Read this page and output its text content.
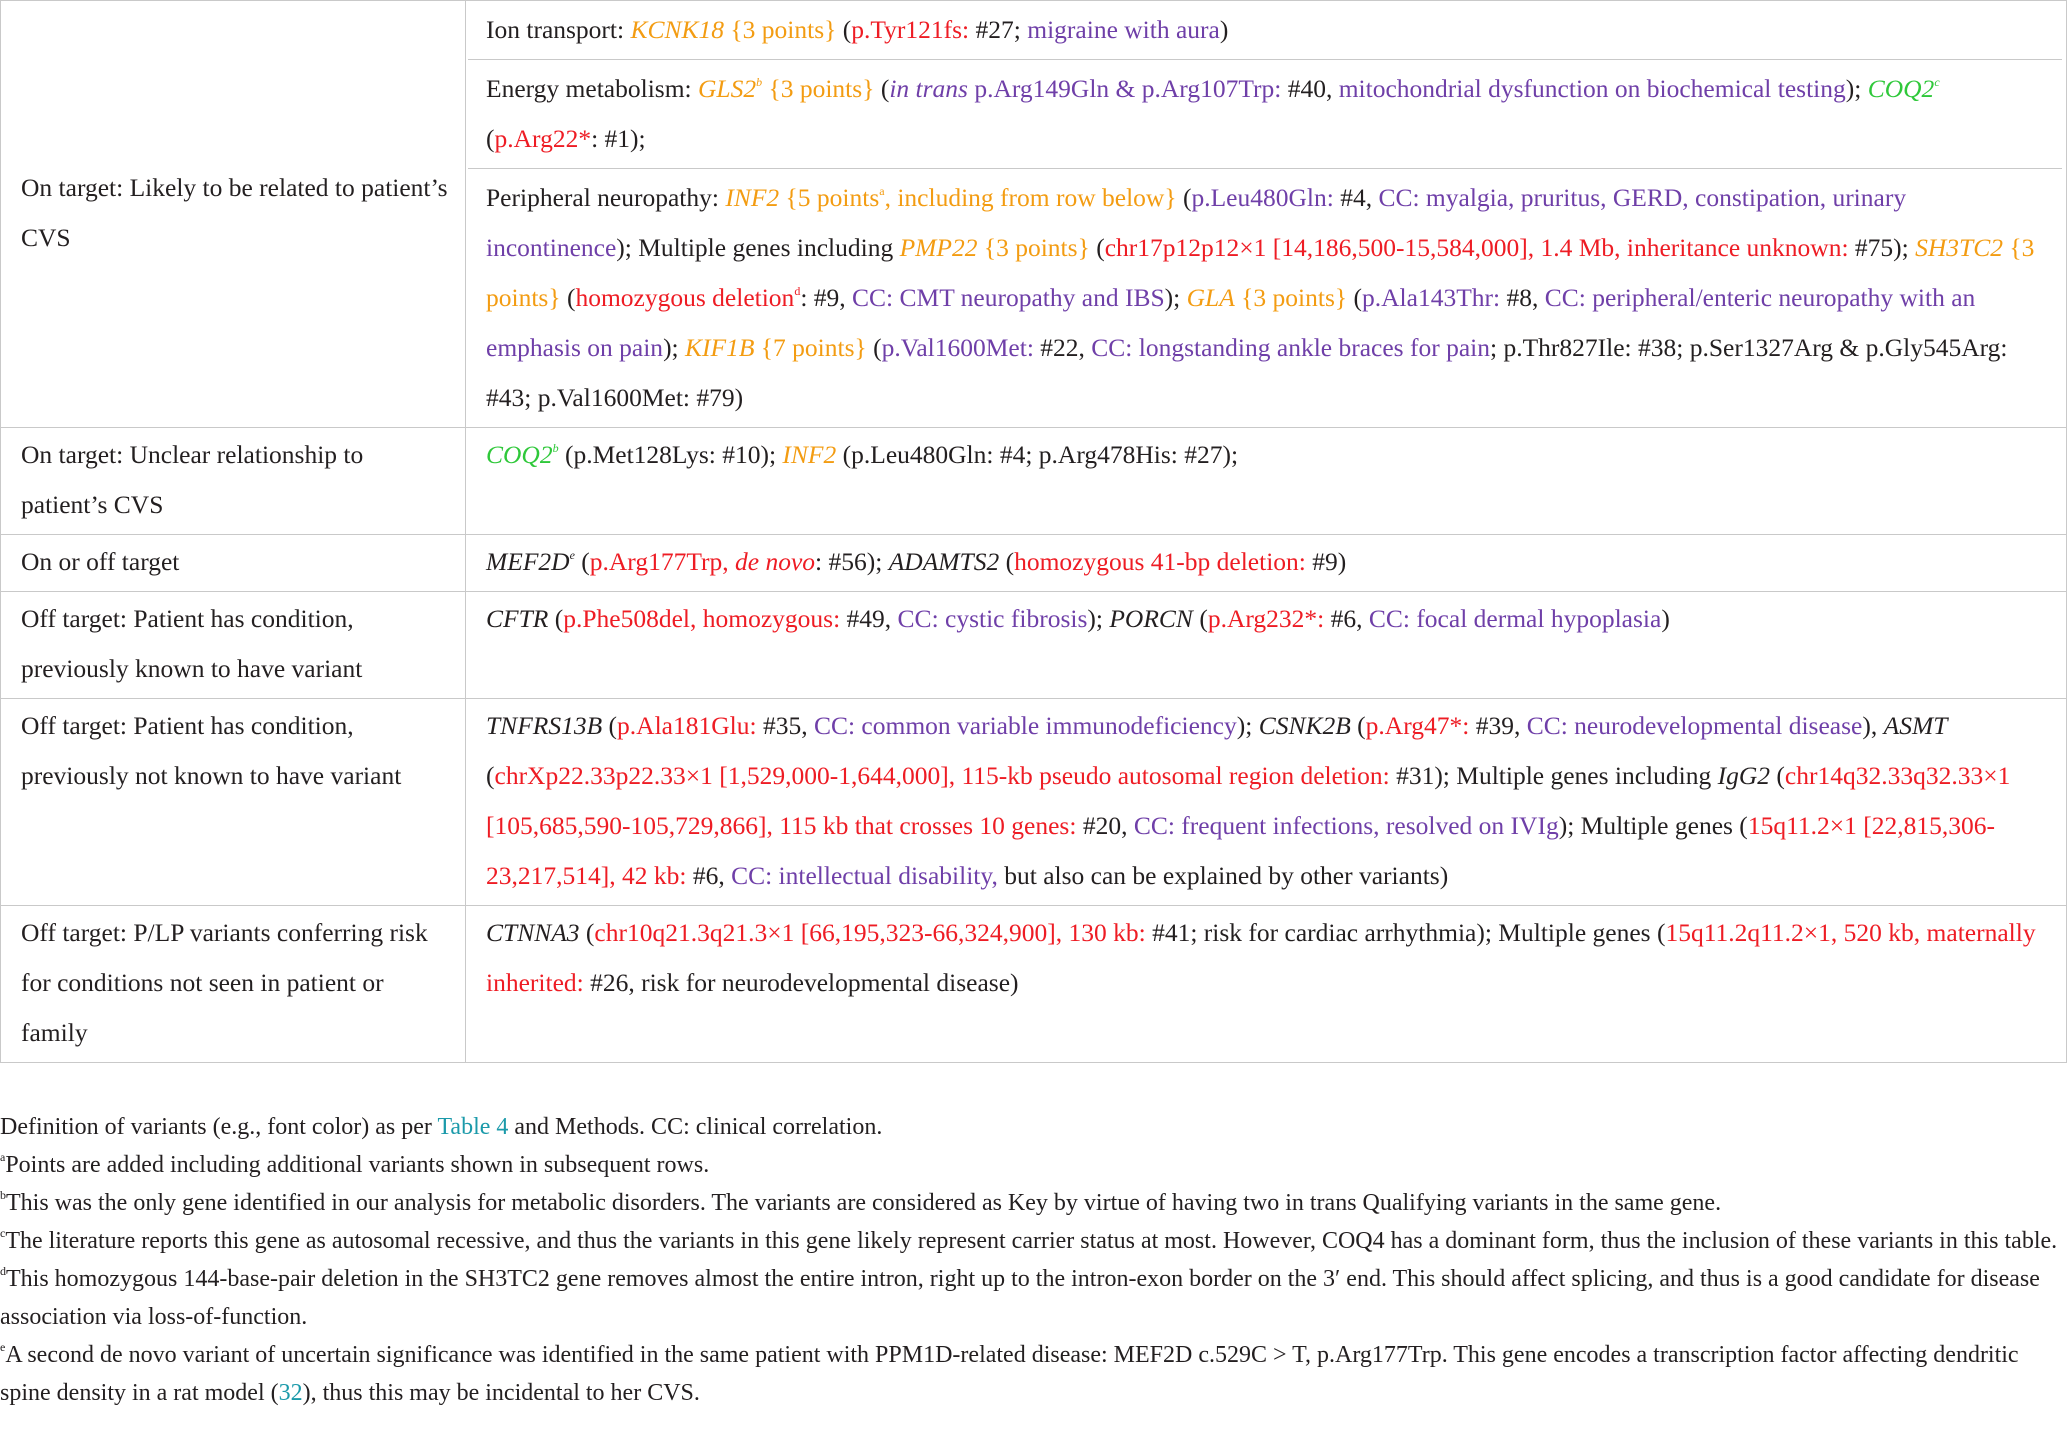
On target: Likely to be related to patient’s CVS	Ion transport: KCNK18 {3 points} (p.Tyr121fs: #27; migraine with aura)
Energy metabolism: GLS2$^b$ {3 points} (in trans p.Arg149Gln & p.Arg107Trp: #40, mitochondrial dysfunction on biochemical testing); COQ2$^c$ (p.Arg22*: #1);
Peripheral neuropathy: INF2 {5 points$^a$, including from row below} (p.Leu480Gln: #4, CC: myalgia, pruritus, GERD, constipation, urinary incontinence); Multiple genes including PMP22 {3 points} (chr17p12p12×1 [14,186,500-15,584,000], 1.4 Mb, inheritance unknown: #75); SH3TC2 {3 points} (homozygous deletion$^d$: #9, CC: CMT neuropathy and IBS); GLA {3 points} (p.Ala143Thr: #8, CC: peripheral/enteric neuropathy with an emphasis on pain); KIF1B {7 points} (p.Val1600Met: #22, CC: longstanding ankle braces for pain; p.Thr827Ile: #38; p.Ser1327Arg & p.Gly545Arg: #43; p.Val1600Met: #79)

On target: Unclear relationship to patient’s CVS	COQ2$^b$ (p.Met128Lys: #10); INF2 (p.Leu480Gln: #4; p.Arg478His: #27);
On or off target	MEF2De (p.Arg177Trp, de novo: #56); ADAMTS2 (homozygous 41-bp deletion: #9)
Off target: Patient has condition, previously known to have variant	CFTR (p.Phe508del, homozygous: #49, CC: cystic fibrosis); PORCN (p.Arg232*: #6, CC: focal dermal hypoplasia)
Off target: Patient has condition, previously not known to have variant	TNFRS13B (p.Ala181Glu: #35, CC: common variable immunodeficiency); CSNK2B (p.Arg47*: #39, CC: neurodevelopmental disease), ASMT (chrXp22.33p22.33×1 [1,529,000-1,644,000], 115-kb pseudo autosomal region deletion: #31); Multiple genes including IgG2 (chr14q32.33q32.33×1 [105,685,590-105,729,866], 115 kb that crosses 10 genes: #20, CC: frequent infections, resolved on IVIg); Multiple genes (15q11.2×1 [22,815,306-23,217,514], 42 kb: #6, CC: intellectual disability, but also can be explained by other variants)
Off target: P/LP variants conferring risk for conditions not seen in patient or family	CTNNA3 (chr10q21.3q21.3×1 [66,195,323-66,324,900], 130 kb: #41; risk for cardiac arrhythmia); Multiple genes (15q11.2q11.2×1, 520 kb, maternally inherited: #26, risk for neurodevelopmental disease)

Definition of variants (e.g., font color) as per Table 4 and Methods. CC: clinical correlation.

$^a$Points are added including additional variants shown in subsequent rows.

$^b$This was the only gene identified in our analysis for metabolic disorders. The variants are considered as Key by virtue of having two in trans Qualifying variants in the same gene.

$^c$The literature reports this gene as autosomal recessive, and thus the variants in this gene likely represent carrier status at most. However, COQ4 has a dominant form, thus the inclusion of these variants in this table.

$^d$This homozygous 144-base-pair deletion in the SH3TC2 gene removes almost the entire intron, right up to the intron-exon border on the 3′ end. This should affect splicing, and thus is a good candidate for disease association via loss-of-function.

$^e$A second de novo variant of uncertain significance was identified in the same patient with PPM1D-related disease: MEF2D c.529C > T, p.Arg177Trp. This gene encodes a transcription factor affecting dendritic spine density in a rat model (32), thus this may be incidental to her CVS.
